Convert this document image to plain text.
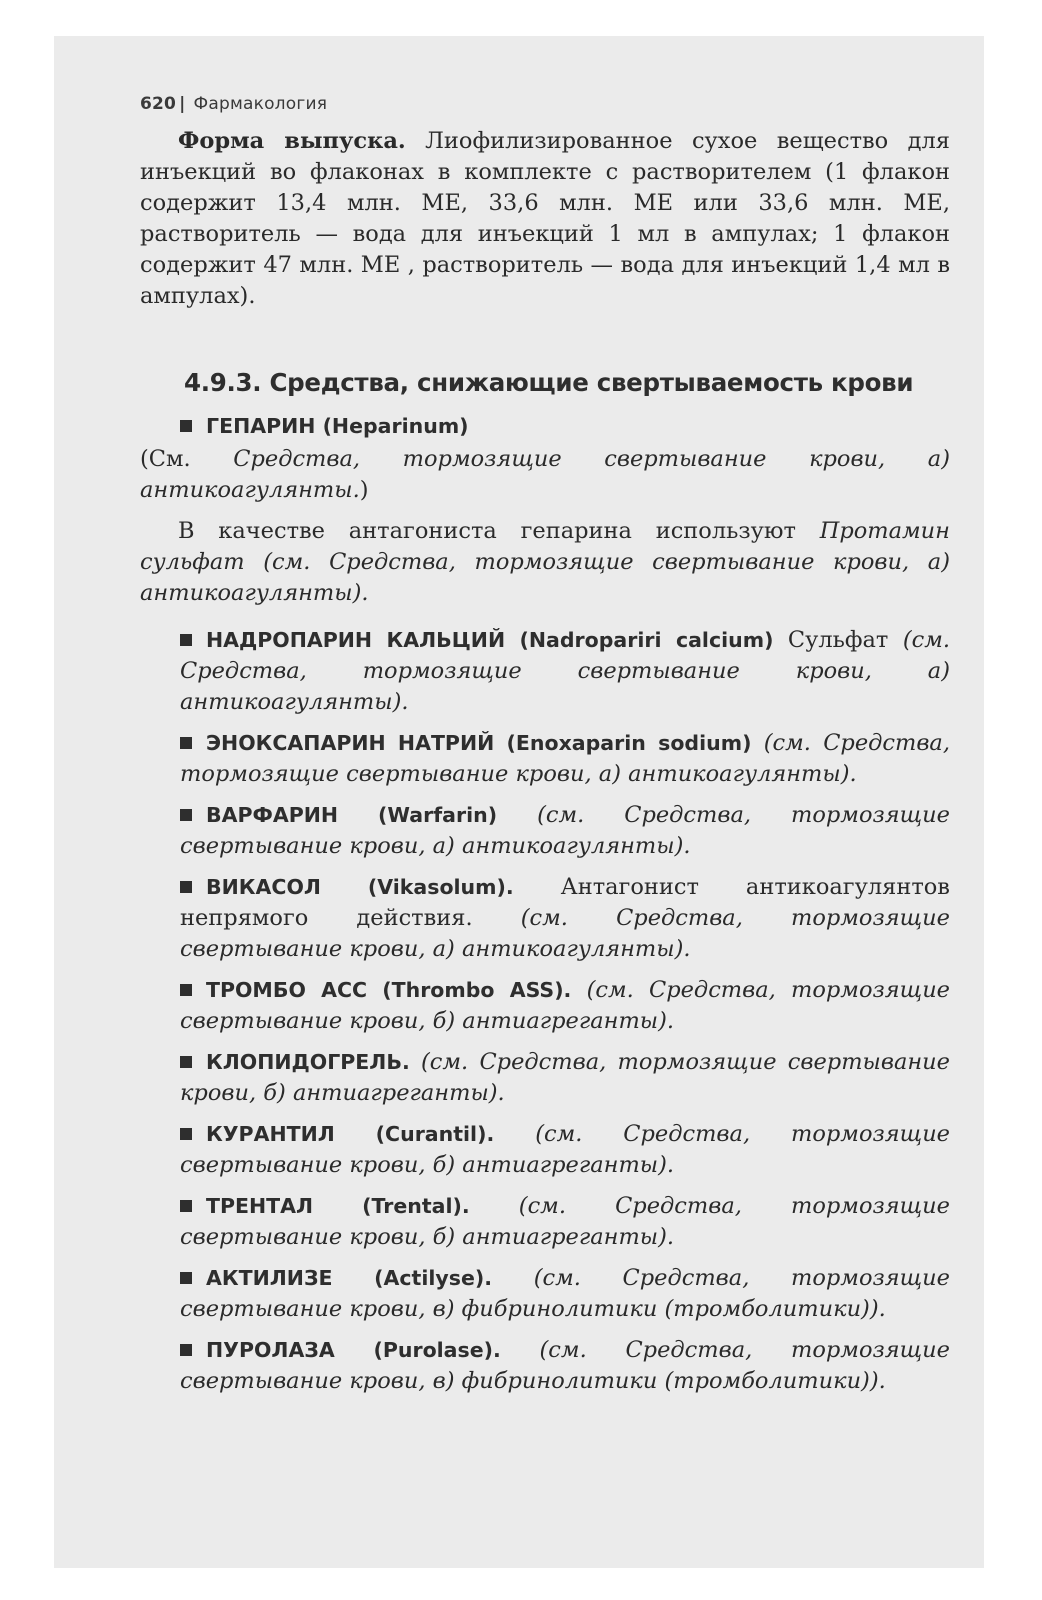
620 | Фармакология

Форма выпуска. Лиофилизированное сухое вещество для инъекций во флаконах в комплекте с растворителем (1 флакон содержит 13,4 млн. МЕ, 33,6 млн. МЕ или 33,6 млн. МЕ, растворитель — вода для инъекций 1 мл в ампулах; 1 флакон содержит 47 млн. МЕ , растворитель — вода для инъекций 1,4 мл в ампулах).

4.9.3. Средства, снижающие свертываемость крови

ГЕПАРИН (Heparinum)

(См. Средства, тормозящие свертывание крови, а) антикоагулянты.)

В качестве антагониста гепарина используют Протамин сульфат (см. Средства, тормозящие свертывание крови, а) антикоагулянты).

НАДРОПАРИН КАЛЬЦИЙ (Nadropariri calcium) Сульфат (см. Средства, тормозящие свертывание крови, а) антикоагулянты).

ЭНОКСАПАРИН НАТРИЙ (Enoxaparin sodium) (см. Средства, тормозящие свертывание крови, а) антикоагулянты).

ВАРФАРИН (Warfarin) (см. Средства, тормозящие свертывание крови, а) антикоагулянты).

ВИКАСОЛ (Vikasolum). Антагонист антикоагулянтов непрямого действия. (см. Средства, тормозящие свертывание крови, а) антикоагулянты).

ТРОМБО АСС (Thrombo ASS). (см. Средства, тормозящие свертывание крови, б) антиагреганты).

КЛОПИДОГРЕЛЬ. (см. Средства, тормозящие свертывание крови, б) антиагреганты).

КУРАНТИЛ (Curantil). (см. Средства, тормозящие свертывание крови, б) антиагреганты).

ТРЕНТАЛ (Trental). (см. Средства, тормозящие свертывание крови, б) антиагреганты).

АКТИЛИЗЕ (Actilyse). (см. Средства, тормозящие свертывание крови, в) фибринолитики (тромболитики)).

ПУРОЛАЗА (Purolase). (см. Средства, тормозящие свертывание крови, в) фибринолитики (тромболитики)).
